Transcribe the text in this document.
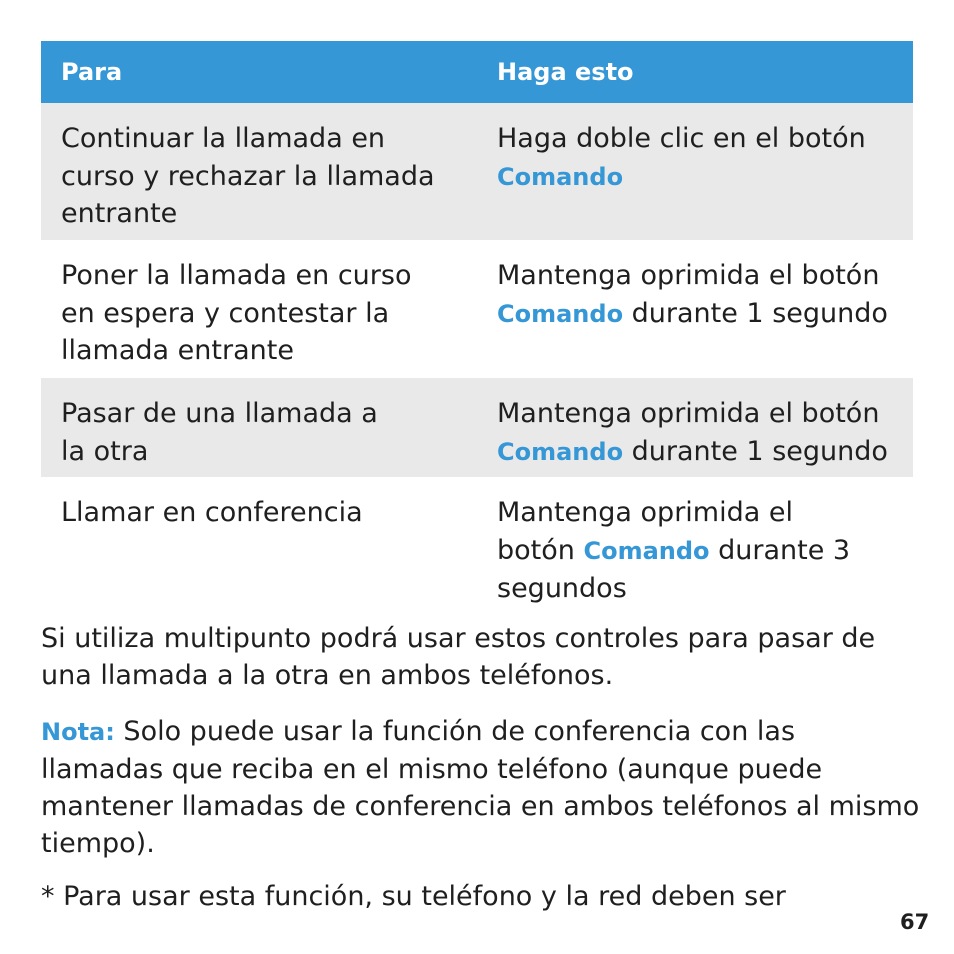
Para	Haga esto
Continuar la llamada en curso y rechazar la llamada entrante
Haga doble clic en el botón Comando
Poner la llamada en curso en espera y contestar la llamada entrante
Mantenga oprimida el botón Comando durante 1 segundo
Pasar de una llamada a la otra
Mantenga oprimida el botón Comando durante 1 segundo
Llamar en conferencia	Mantenga oprimida el botón Comando durante 3 segundos

Si utiliza multipunto podrá usar estos controles para pasar de una llamada a la otra en ambos teléfonos.

Nota: Solo puede usar la función de conferencia con las llamadas que reciba en el mismo teléfono (aunque puede mantener llamadas de conferencia en ambos teléfonos al mismo tiempo).

* Para usar esta función, su teléfono y la red deben ser

67
